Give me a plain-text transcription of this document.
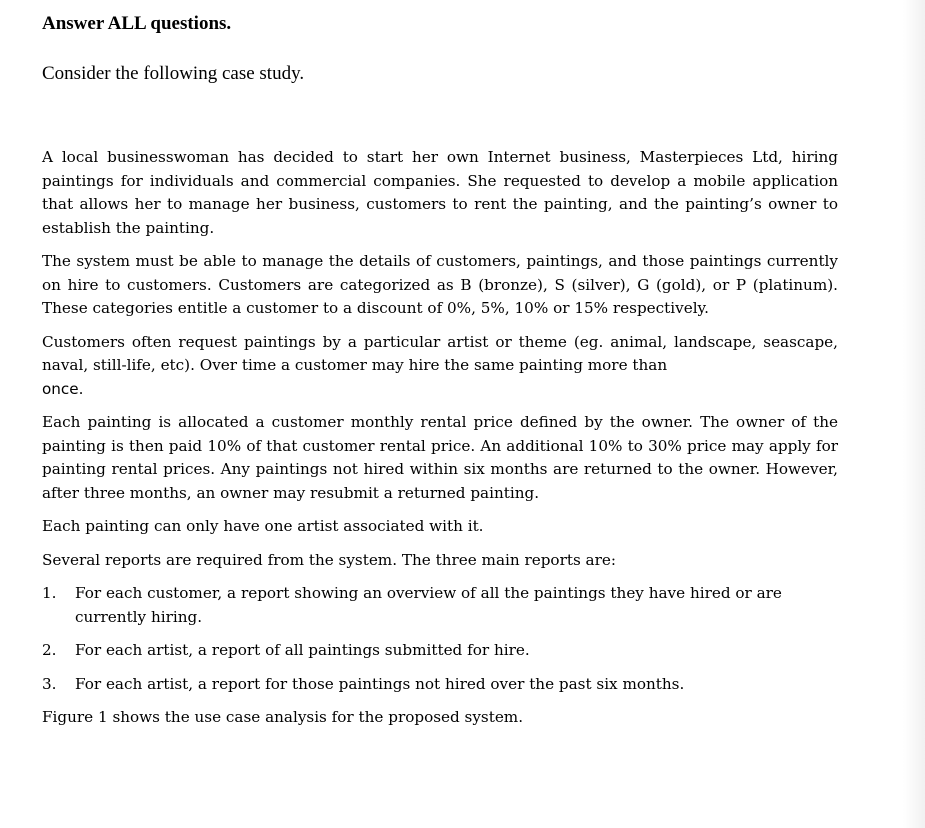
Answer ALL questions.

Consider the following case study.

A local businesswoman has decided to start her own Internet business, Masterpieces Ltd, hiring paintings for individuals and commercial companies. She requested to develop a mobile application that allows her to manage her business, customers to rent the painting, and the painting’s owner to establish the painting.

The system must be able to manage the details of customers, paintings, and those paintings currently on hire to customers. Customers are categorized as B (bronze), S (silver), G (gold), or P (platinum). These categories entitle a customer to a discount of 0%, 5%, 10% or 15% respectively.

Customers often request paintings by a particular artist or theme (eg. animal, landscape, seascape, naval, still-life, etc). Over time a customer may hire the same painting more than
once.

Each painting is allocated a customer monthly rental price defined by the owner. The owner of the painting is then paid 10% of that customer rental price. An additional 10% to 30% price may apply for painting rental prices. Any paintings not hired within six months are returned to the owner. However, after three months, an owner may resubmit a returned painting.

Each painting can only have one artist associated with it.

Several reports are required from the system. The three main reports are:

1.	For each customer, a report showing an overview of all the paintings they have hired or are currently hiring.
2.	For each artist, a report of all paintings submitted for hire.
3.	For each artist, a report for those paintings not hired over the past six months.

Figure 1 shows the use case analysis for the proposed system.
